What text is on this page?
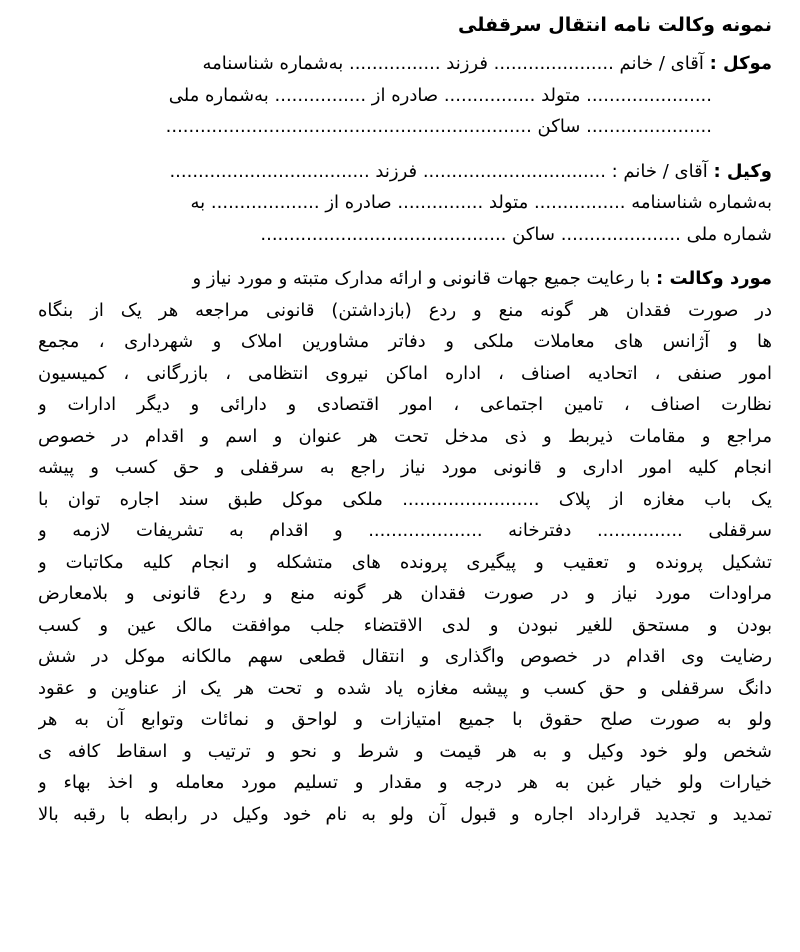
نمونه وکالت نامه انتقال سرقفلی
موکل : آقای / خانم ..................... فرزند ................ به‌شماره شناسنامه
...................... متولد ................ صادره از ................ به‌شماره ملی
...................... ساکن ................................................................
وکیل : آقای / خانم : ................................ فرزند ...................................
به‌شماره شناسنامه ................ متولد ............... صادره از ................... به
شماره ملی ..................... ساکن ...........................................
مورد وکالت : با رعایت جمیع جهات قانونی و ارائه مدارک متبته و مورد نیاز و
در صورت فقدان هر گونه منع و ردع (بازداشتن) قانونی مراجعه هر یک از بنگاه
ها و آژانس های معاملات ملکی و دفاتر مشاورین املاک و شهرداری ، مجمع
امور صنفی ، اتحادیه اصناف ، اداره اماکن نیروی انتظامی ، بازرگانی ، کمیسیون
نظارت اصناف ، تامین اجتماعی ، امور اقتصادی و دارائی و دیگر ادارات و
مراجع و مقامات ذیربط و ذی مدخل تحت هر عنوان و اسم و اقدام در خصوص
انجام کلیه امور اداری و قانونی مورد نیاز راجع به سرقفلی و حق کسب و پیشه
یک باب مغازه از پلاک ........................ ملکی موکل طبق سند اجاره توان با
سرقفلی ............... دفترخانه .................... و اقدام به تشریفات لازمه و
تشکیل پرونده و تعقیب و پیگیری پرونده های متشکله و انجام کلیه مکاتبات و
مراودات مورد نیاز و در صورت فقدان هر گونه منع و ردع قانونی و بلامعارض
بودن و مستحق للغیر نبودن و لدی الاقتضاء جلب موافقت مالک عین و کسب
رضایت وی اقدام در خصوص واگذاری و انتقال قطعی سهم مالکانه موکل در شش
دانگ سرقفلی و حق کسب و پیشه مغازه یاد شده و تحت هر یک از عناوین و عقود
ولو به صورت صلح حقوق با جمیع امتیازات و لواحق و نمائات وتوابع آن به هر
شخص ولو خود وکیل و به هر قیمت و شرط و نحو و ترتیب و اسقاط کافه ی
خیارات ولو خیار غبن به هر درجه و مقدار و تسلیم مورد معامله و اخذ بهاء و
تمدید و تجدید قرارداد اجاره و قبول آن ولو به نام خود وکیل در رابطه با رقبه بالا
